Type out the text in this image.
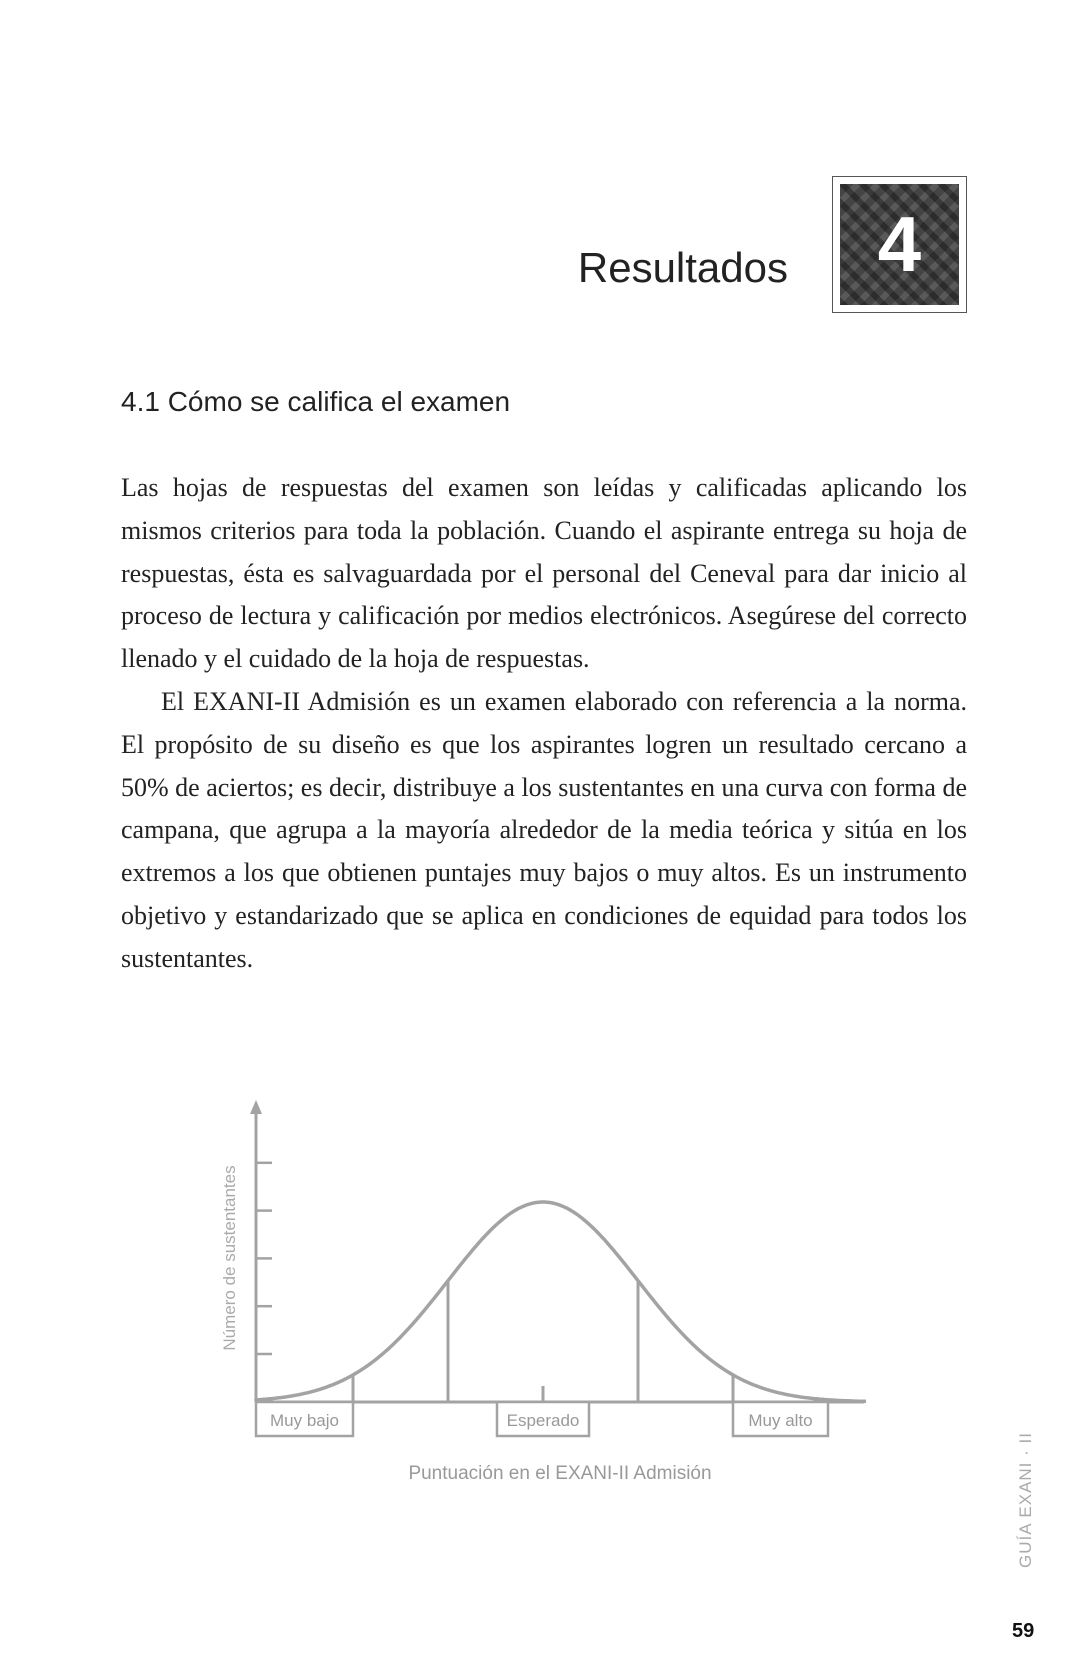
Resultados 4
4.1 Cómo se califica el examen

Las hojas de respuestas del examen son leídas y calificadas aplicando los mismos criterios para toda la población. Cuando el aspirante entrega su hoja de respuestas, ésta es salvaguardada por el personal del Ceneval para dar inicio al proceso de lectura y calificación por medios electrónicos. Asegúrese del correcto llenado y el cuidado de la hoja de respuestas.

El EXANI-II Admisión es un examen elaborado con referencia a la norma. El propósito de su diseño es que los aspirantes logren un resultado cercano a 50% de aciertos; es decir, distribuye a los sustentantes en una curva con forma de campana, que agrupa a la mayoría alrededor de la media teórica y sitúa en los extremos a los que obtienen puntajes muy bajos o muy altos. Es un instrumento objetivo y estandarizado que se aplica en condiciones de equidad para todos los sustentantes.

Muy bajo	Esperado	Muy alto
Puntuación en el EXANI-II Admisión
Número de sustentantes
GUÍA EXANI · II
59
